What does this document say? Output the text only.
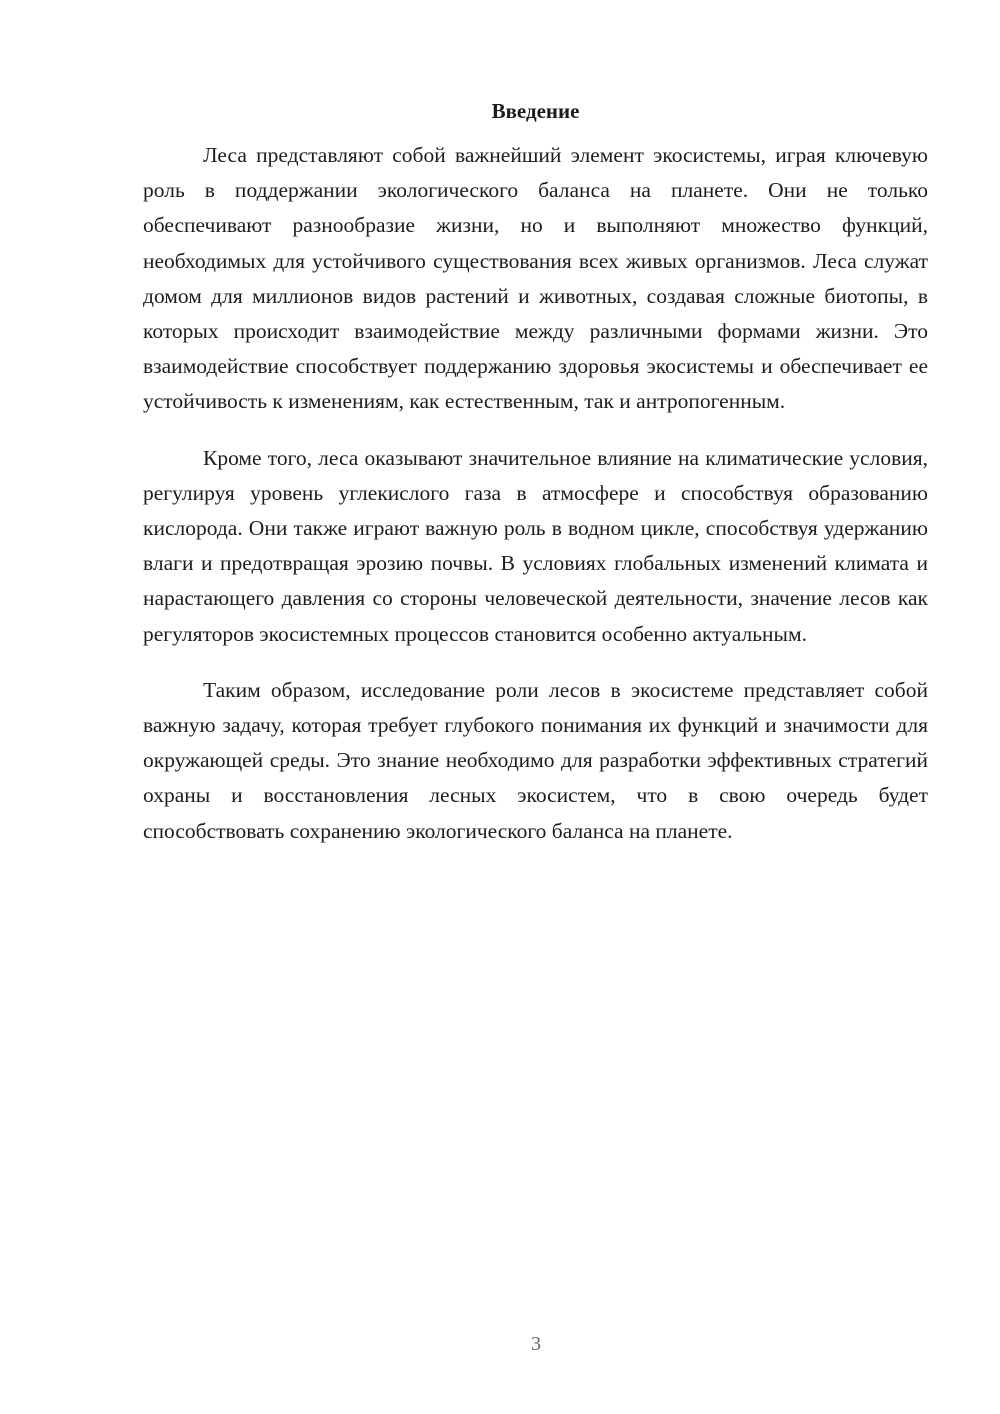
Введение

Леса представляют собой важнейший элемент экосистемы, играя ключевую роль в поддержании экологического баланса на планете. Они не только обеспечивают разнообразие жизни, но и выполняют множество функций, необходимых для устойчивого существования всех живых организмов. Леса служат домом для миллионов видов растений и животных, создавая сложные биотопы, в которых происходит взаимодействие между различными формами жизни. Это взаимодействие способствует поддержанию здоровья экосистемы и обеспечивает ее устойчивость к изменениям, как естественным, так и антропогенным.

Кроме того, леса оказывают значительное влияние на климатические условия, регулируя уровень углекислого газа в атмосфере и способствуя образованию кислорода. Они также играют важную роль в водном цикле, способствуя удержанию влаги и предотвращая эрозию почвы. В условиях глобальных изменений климата и нарастающего давления со стороны человеческой деятельности, значение лесов как регуляторов экосистемных процессов становится особенно актуальным.

Таким образом, исследование роли лесов в экосистеме представляет собой важную задачу, которая требует глубокого понимания их функций и значимости для окружающей среды. Это знание необходимо для разработки эффективных стратегий охраны и восстановления лесных экосистем, что в свою очередь будет способствовать сохранению экологического баланса на планете.

3
